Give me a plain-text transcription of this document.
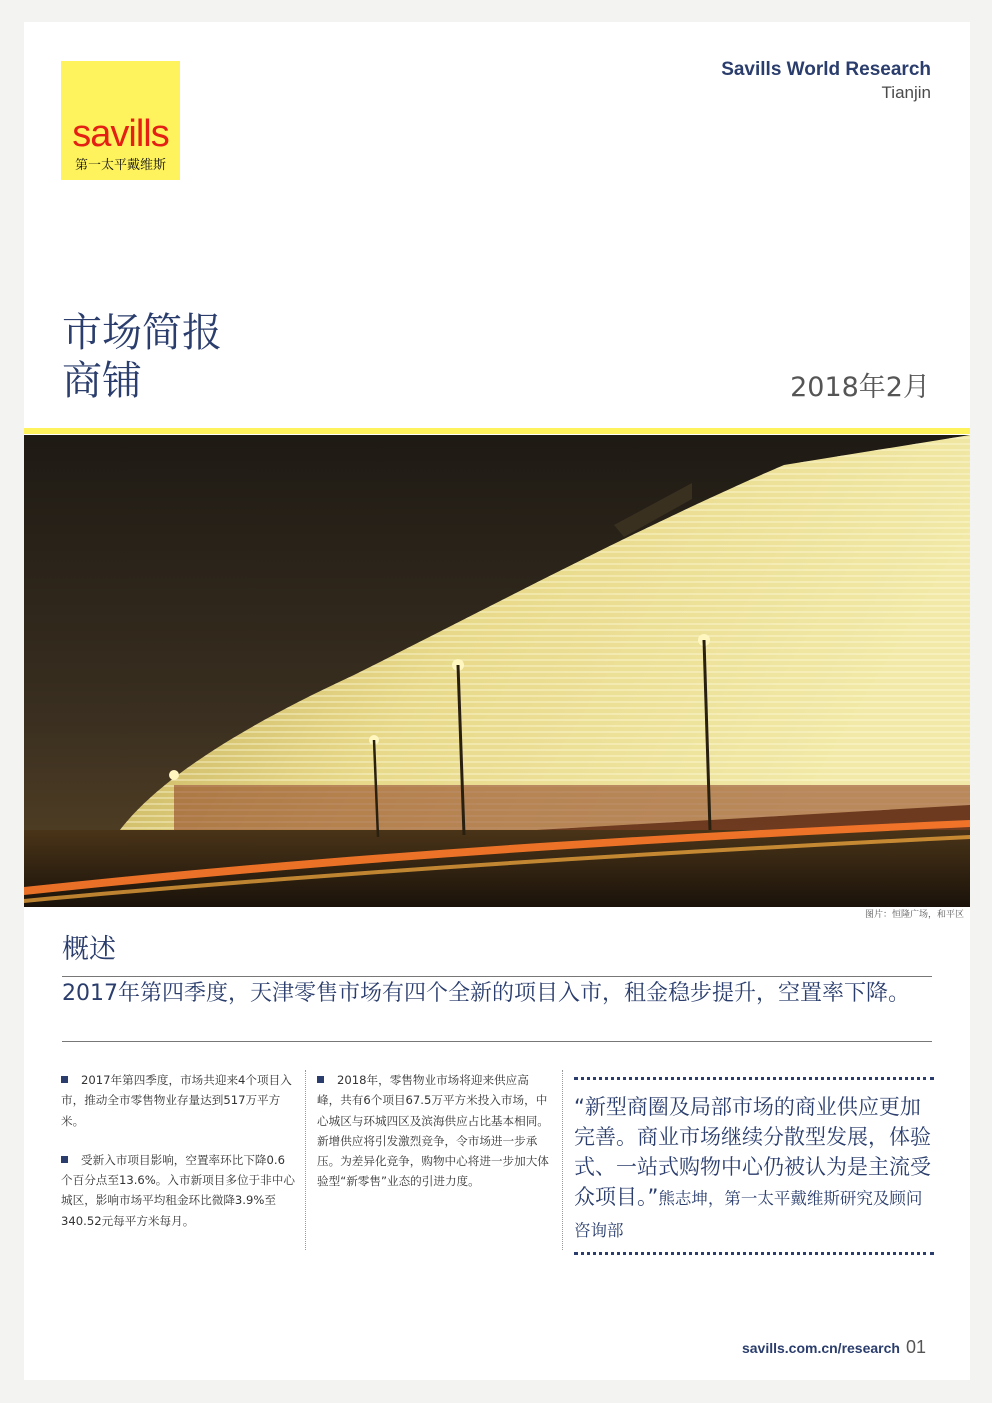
savills
第一太平戴维斯
Savills World Research
Tianjin
市场简报
商铺	2018年2月
图片：恒隆广场，和平区
概述
2017年第四季度，天津零售市场有四个全新的项目入市，租金稳步提升，空置率下降。

2017年第四季度，市场共迎来4个项目入市，推动全市零售物业存量达到517万平方米。

受新入市项目影响，空置率环比下降0.6个百分点至13.6%。入市新项目多位于非中心城区，影响市场平均租金环比微降3.9%至340.52元每平方米每月。

2018年，零售物业市场将迎来供应高峰，共有6个项目67.5万平方米投入市场，中心城区与环城四区及滨海供应占比基本相同。新增供应将引发激烈竞争，令市场进一步承压。为差异化竞争，购物中心将进一步加大体验型“新零售”业态的引进力度。

“新型商圈及局部市场的商业供应更加完善。商业市场继续分散型发展，体验式、一站式购物中心仍被认为是主流受众项目。”熊志坤，第一太平戴维斯研究及顾问咨询部
savills.com.cn/research 01
